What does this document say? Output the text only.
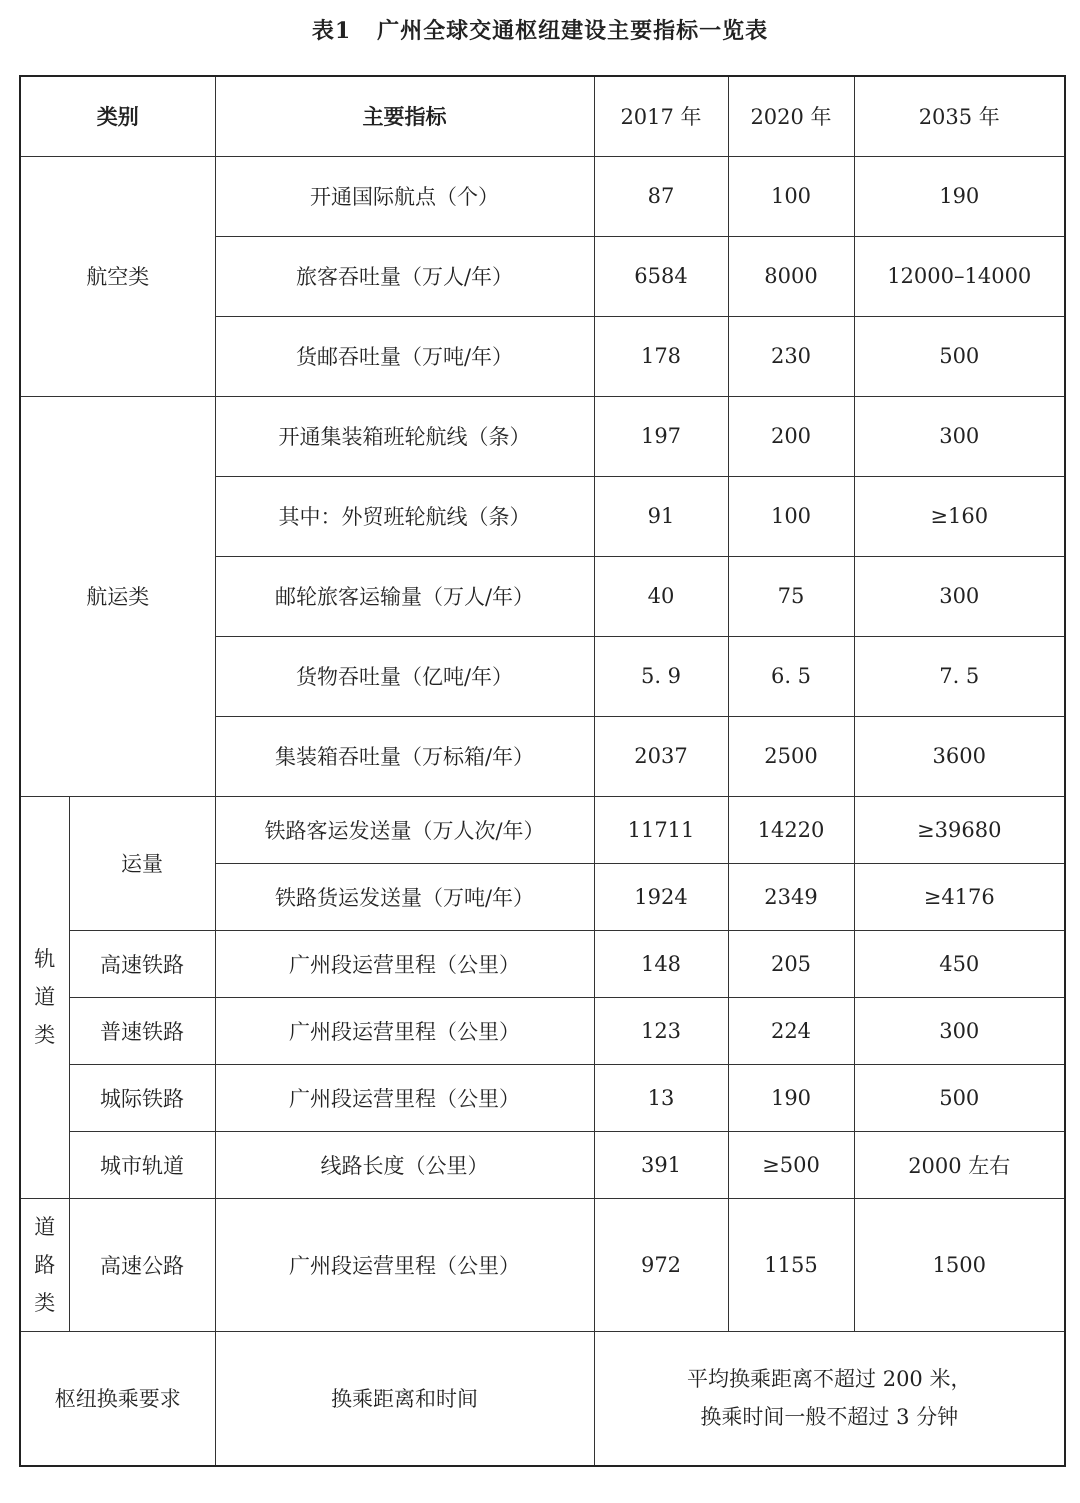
表1 广州全球交通枢纽建设主要指标一览表
类别		主要指标	2017 年	2020 年	2035 年
航空类		开通国际航点（个）	87	100	190
		旅客吞吐量（万人/年）	6584	8000	12000–14000
		货邮吞吐量（万吨/年）	178	230	500
航运类		开通集装箱班轮航线（条）	197	200	300
		其中：外贸班轮航线（条）	91	100	≥160
		邮轮旅客运输量（万人/年）	40	75	300
		货物吞吐量（亿吨/年）	5. 9	6. 5	7. 5
		集装箱吞吐量（万标箱/年）	2037	2500	3600

轨
道
类	运量	铁路客运发送量（万人次/年）	11711	14220	≥39680
		铁路货运发送量（万吨/年）	1924	2349	≥4176
	高速铁路	广州段运营里程（公里）	148	205	450
	普速铁路	广州段运营里程（公里）	123	224	300
	城际铁路	广州段运营里程（公里）	13	190	500
	城市轨道	线路长度（公里）	391	≥500	2000 左右

道
路
类	高速公路	广州段运营里程（公里）	972	1155	1500
枢纽换乘要求		换乘距离和时间	平均换乘距离不超过 200 米，
换乘时间一般不超过 3 分钟		
